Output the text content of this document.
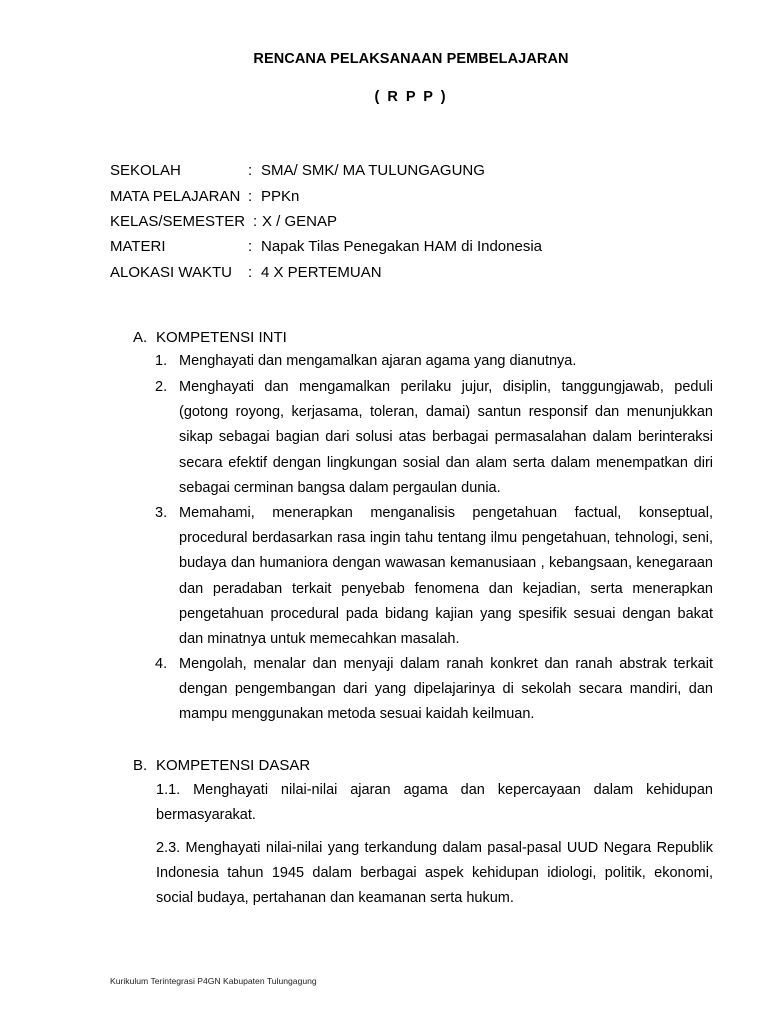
RENCANA PELAKSANAAN PEMBELAJARAN
( R P P )
SEKOLAH	: SMA/ SMK/ MA TULUNGAGUNG
MATA PELAJARAN : PPKn
KELAS/SEMESTER : X / GENAP
MATERI	: Napak Tilas Penegakan HAM di Indonesia
ALOKASI WAKTU : 4 X PERTEMUAN
A. KOMPETENSI INTI
1. Menghayati dan mengamalkan ajaran agama yang dianutnya.
2. Menghayati dan mengamalkan perilaku jujur, disiplin, tanggungjawab, peduli (gotong royong, kerjasama, toleran, damai) santun responsif dan menunjukkan sikap sebagai bagian dari solusi atas berbagai permasalahan dalam berinteraksi secara efektif dengan lingkungan sosial dan alam serta dalam menempatkan diri sebagai cerminan bangsa dalam pergaulan dunia.
3. Memahami, menerapkan menganalisis pengetahuan factual, konseptual, procedural berdasarkan rasa ingin tahu tentang ilmu pengetahuan, tehnologi, seni, budaya dan humaniora dengan wawasan kemanusiaan , kebangsaan, kenegaraan dan peradaban terkait penyebab fenomena dan kejadian, serta menerapkan pengetahuan procedural pada bidang kajian yang spesifik sesuai dengan bakat dan minatnya untuk memecahkan masalah.
4. Mengolah, menalar dan menyaji dalam ranah konkret dan ranah abstrak terkait dengan pengembangan dari yang dipelajarinya di sekolah secara mandiri, dan mampu menggunakan metoda sesuai kaidah keilmuan.
B. KOMPETENSI DASAR
1.1. Menghayati nilai-nilai ajaran agama dan kepercayaan dalam kehidupan bermasyarakat.
2.3. Menghayati nilai-nilai yang terkandung dalam pasal-pasal UUD Negara Republik Indonesia tahun 1945 dalam berbagai aspek kehidupan idiologi, politik, ekonomi, social budaya, pertahanan dan keamanan serta hukum.
Kurikulum Terintegrasi P4GN Kabupaten Tulungagung
